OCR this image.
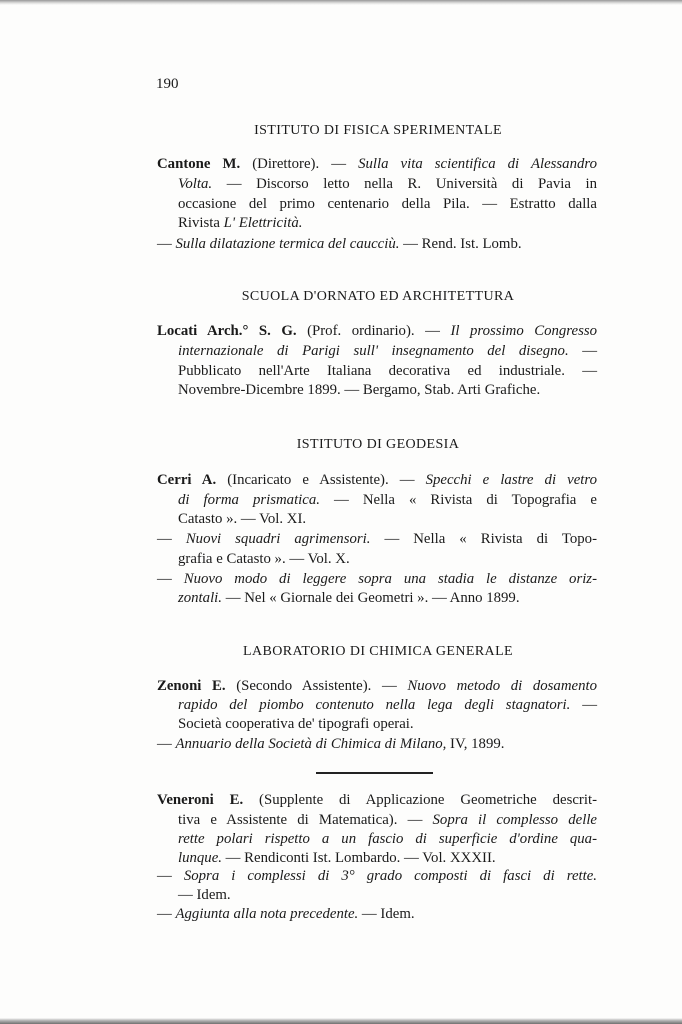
190
ISTITUTO DI FISICA SPERIMENTALE
Cantone M. (Direttore). — Sulla vita scientifica di Alessandro
Volta. — Discorso letto nella R. Università di Pavia in
occasione del primo centenario della Pila. — Estratto dalla
Rivista L' Elettricità.
— Sulla dilatazione termica del caucciù. — Rend. Ist. Lomb.
SCUOLA D'ORNATO ED ARCHITETTURA
Locati Arch.° S. G. (Prof. ordinario). — Il prossimo Congresso
internazionale di Parigi sull' insegnamento del disegno. —
Pubblicato nell'Arte Italiana decorativa ed industriale. —
Novembre-Dicembre 1899. — Bergamo, Stab. Arti Grafiche.
ISTITUTO DI GEODESIA
Cerri A. (Incaricato e Assistente). — Specchi e lastre di vetro
di forma prismatica. — Nella « Rivista di Topografia e
Catasto ». — Vol. XI.
— Nuovi squadri agrimensori. — Nella « Rivista di Topo-
grafia e Catasto ». — Vol. X.
— Nuovo modo di leggere sopra una stadia le distanze oriz-
zontali. — Nel « Giornale dei Geometri ». — Anno 1899.
LABORATORIO DI CHIMICA GENERALE
Zenoni E. (Secondo Assistente). — Nuovo metodo di dosamento
rapido del piombo contenuto nella lega degli stagnatori. —
Società cooperativa de' tipografi operai.
— Annuario della Società di Chimica di Milano, IV, 1899.
Veneroni E. (Supplente di Applicazione Geometriche descrit-
tiva e Assistente di Matematica). — Sopra il complesso delle
rette polari rispetto a un fascio di superficie d'ordine qua-
lunque. — Rendiconti Ist. Lombardo. — Vol. XXXII.
— Sopra i complessi di 3° grado composti di fasci di rette.
— Idem.
— Aggiunta alla nota precedente. — Idem.
